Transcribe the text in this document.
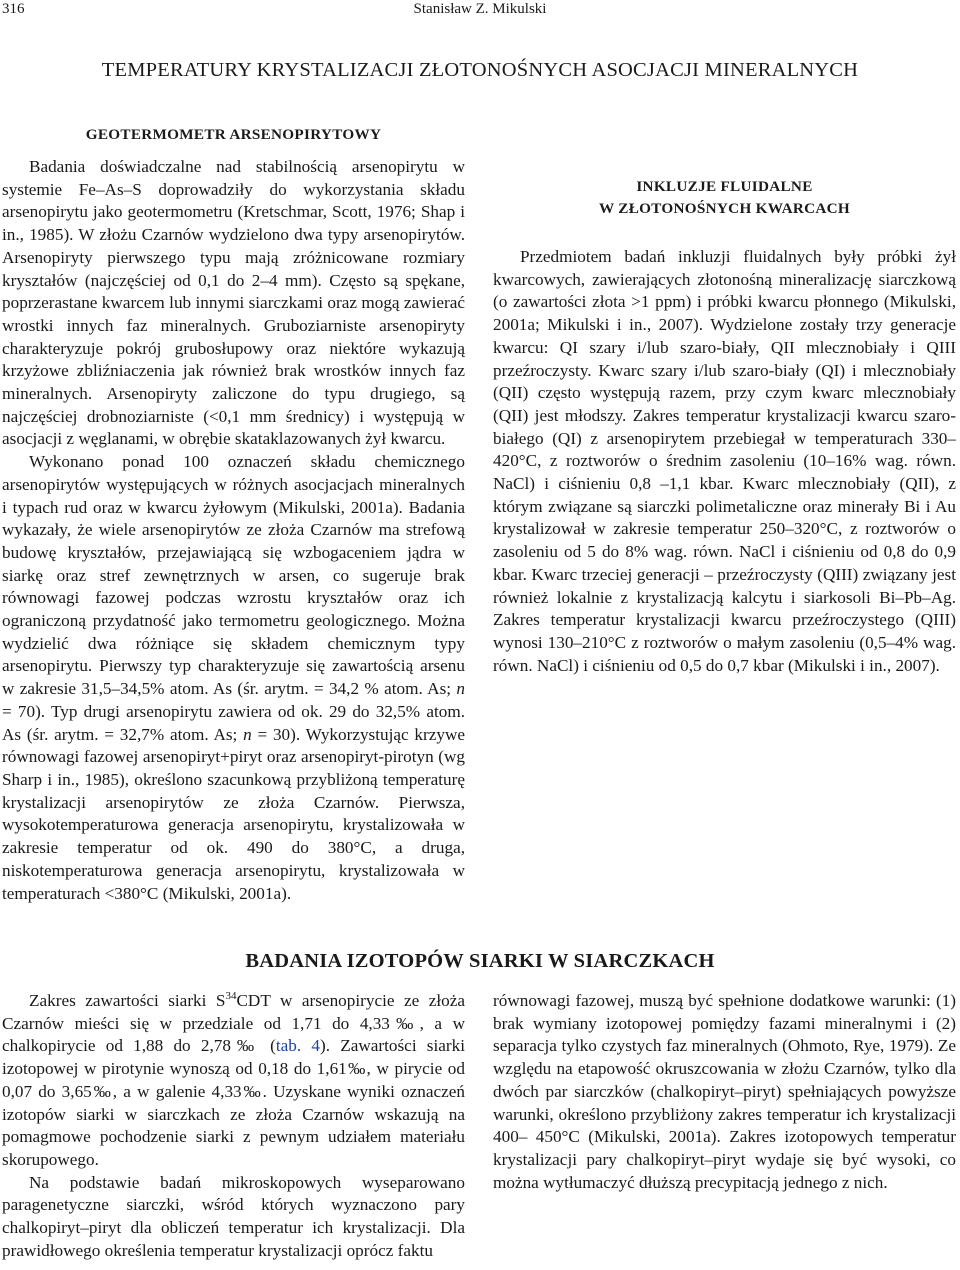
316	Stanisław Z. Mikulski
TEMPERATURY KRYSTALIZACJI ZŁOTONOŚNYCH ASOCJACJI MINERALNYCH
GEOTERMOMETR ARSENOPIRYTOWY

Badania doświadczalne nad stabilnością arsenopirytu w systemie Fe–As–S doprowadziły do wykorzystania składu arsenopirytu jako geotermometru (Kretschmar, Scott, 1976; Shap i in., 1985). W złożu Czarnów wydzielono dwa typy arsenopirytów. Arsenopiryty pierwszego typu mają zróżnicowane rozmiary kryształów (najczęściej od 0,1 do 2–4 mm). Często są spękane, poprzerastane kwarcem lub innymi siarczkami oraz mogą zawierać wrostki innych faz mineralnych. Gruboziarniste arsenopiryty charakteryzuje pokrój grubosłupowy oraz niektóre wykazują krzyżowe zbliźniaczenia jak również brak wrostków innych faz mineralnych. Arsenopiryty zaliczone do typu drugiego, są najczęściej drobnoziarniste (<0,1 mm średnicy) i występują w asocjacji z węglanami, w obrębie skataklazowanych żył kwarcu.

Wykonano ponad 100 oznaczeń składu chemicznego arsenopirytów występujących w różnych asocjacjach mineralnych i typach rud oraz w kwarcu żyłowym (Mikulski, 2001a). Badania wykazały, że wiele arsenopirytów ze złoża Czarnów ma strefową budowę kryształów, przejawiającą się wzbogaceniem jądra w siarkę oraz stref zewnętrznych w arsen, co sugeruje brak równowagi fazowej podczas wzrostu kryształów oraz ich ograniczoną przydatność jako termometru geologicznego. Można wydzielić dwa różniące się składem chemicznym typy arsenopirytu. Pierwszy typ charakteryzuje się zawartością arsenu w zakresie 31,5–34,5% atom. As (śr. arytm. = 34,2 % atom. As; n = 70). Typ drugi arsenopirytu zawiera od ok. 29 do 32,5% atom. As (śr. arytm. = 32,7% atom. As; n = 30). Wykorzystując krzywe równowagi fazowej arsenopiryt+piryt oraz arsenopiryt-pirotyn (wg Sharp i in., 1985), określono szacunkową przybliżoną temperaturę krystalizacji arsenopirytów ze złoża Czarnów. Pierwsza, wysokotemperaturowa generacja arsenopirytu, krystalizowała w zakresie temperatur od ok. 490 do 380°C, a druga, niskotemperaturowa generacja arsenopirytu, krystalizowała w temperaturach <380°C (Mikulski, 2001a).

INKLUZJE FLUIDALNE
W ZŁOTONOŚNYCH KWARCACH

Przedmiotem badań inkluzji fluidalnych były próbki żył kwarcowych, zawierających złotonośną mineralizację siarczkową (o zawartości złota >1 ppm) i próbki kwarcu płonnego (Mikulski, 2001a; Mikulski i in., 2007). Wydzielone zostały trzy generacje kwarcu: QI szary i/lub szaro-biały, QII mlecznobiały i QIII przeźroczysty. Kwarc szary i/lub szaro-biały (QI) i mlecznobiały (QII) często występują razem, przy czym kwarc mlecznobiały (QII) jest młodszy. Zakres temperatur krystalizacji kwarcu szaro-białego (QI) z arsenopirytem przebiegał w temperaturach 330–420°C, z roztworów o średnim zasoleniu (10–16% wag. równ. NaCl) i ciśnieniu 0,8 –1,1 kbar. Kwarc mlecznobiały (QII), z którym związane są siarczki polimetaliczne oraz minerały Bi i Au krystalizował w zakresie temperatur 250–320°C, z roztworów o zasoleniu od 5 do 8% wag. równ. NaCl i ciśnieniu od 0,8 do 0,9 kbar. Kwarc trzeciej generacji – przeźroczysty (QIII) związany jest również lokalnie z krystalizacją kalcytu i siarkosoli Bi–Pb–Ag. Zakres temperatur krystalizacji kwarcu przeźroczystego (QIII) wynosi 130–210°C z roztworów o małym zasoleniu (0,5–4% wag. równ. NaCl) i ciśnieniu od 0,5 do 0,7 kbar (Mikulski i in., 2007).

BADANIA IZOTOPÓW SIARKI W SIARCZKACH

Zakres zawartości siarki $S^{34}CDT$ w arsenopiryciе ze złoża Czarnów mieści się w przedziale od 1,71 do 4,33‰, a w chalkopirycie od 1,88 do 2,78‰ (tab. 4). Zawartości siarki izotopowej w pirotynie wynoszą od 0,18 do 1,61‰, w pirycie od 0,07 do 3,65‰, a w galenie 4,33‰. Uzyskane wyniki oznaczeń izotopów siarki w siarczkach ze złoża Czarnów wskazują na pomagmowe pochodzenie siarki z pewnym udziałem materiału skorupowego.

Na podstawie badań mikroskopowych wyseparowano paragenetyczne siarczki, wśród których wyznaczono pary chalkopiryt–piryt dla obliczeń temperatur ich krystalizacji. Dla prawidłowego określenia temperatur krystalizacji oprócz faktu

równowagi fazowej, muszą być spełnione dodatkowe warunki: (1) brak wymiany izotopowej pomiędzy fazami mineralnymi i (2) separacja tylko czystych faz mineralnych (Ohmoto, Rye, 1979). Ze względu na etapowość okruszcowania w złożu Czarnów, tylko dla dwóch par siarczków (chalkopiryt–piryt) spełniających powyższe warunki, określono przybliżony zakres temperatur ich krystalizacji 400– 450°C (Mikulski, 2001a). Zakres izotopowych temperatur krystalizacji pary chalkopiryt–piryt wydaje się być wysoki, co można wytłumaczyć dłuższą precypitacją jednego z nich.
